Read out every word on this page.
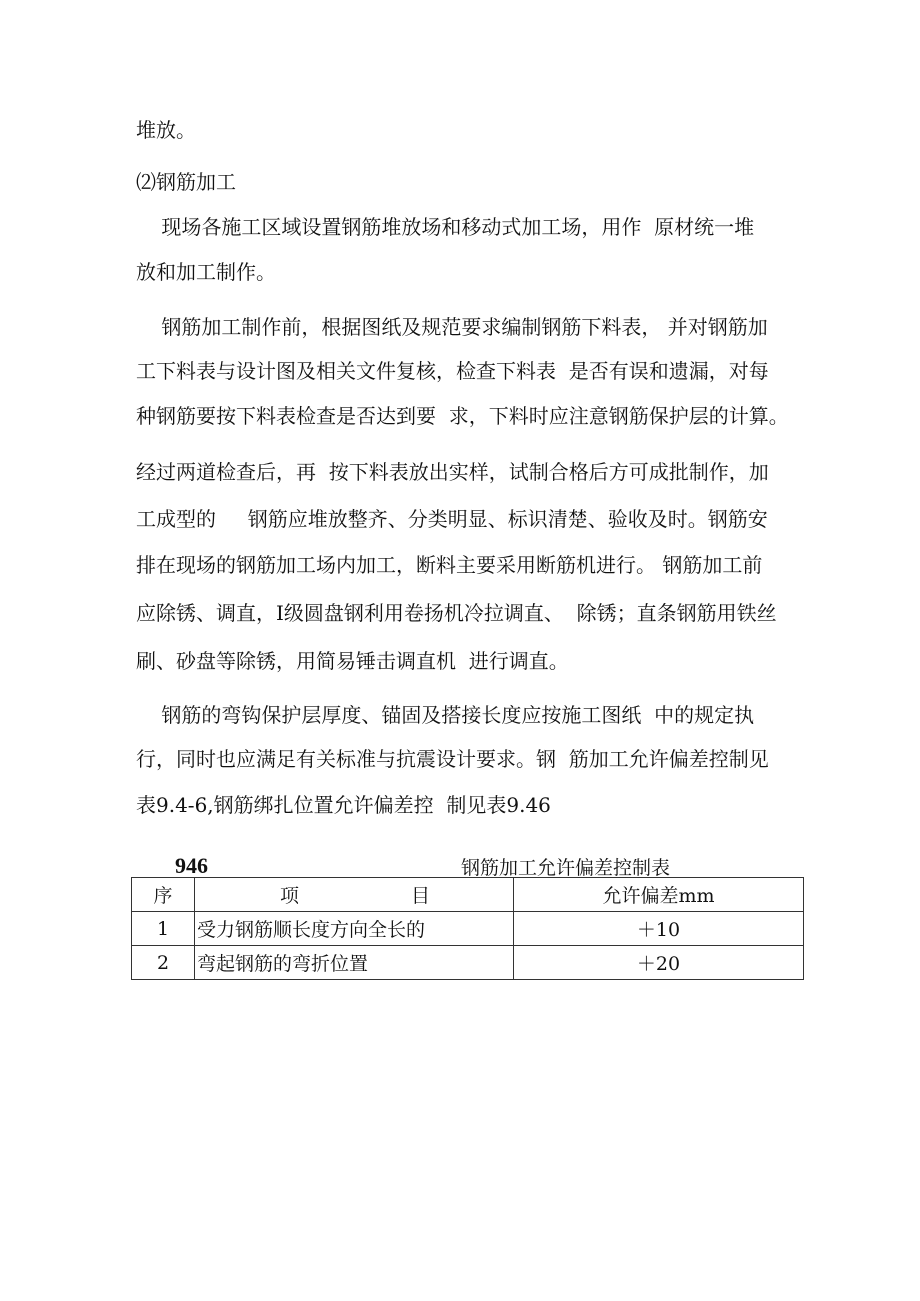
堆放。

⑵钢筋加工

现场各施工区域设置钢筋堆放场和移动式加工场，用作  原材统一堆

放和加工制作。

钢筋加工制作前，根据图纸及规范要求编制钢筋下料表， 并对钢筋加

工下料表与设计图及相关文件复核，检查下料表  是否有误和遗漏，对每

种钢筋要按下料表检查是否达到要  求，下料时应注意钢筋保护层的计算。

经过两道检查后，再  按下料表放出实样，试制合格后方可成批制作，加

工成型的     钢筋应堆放整齐、分类明显、标识清楚、验收及时。钢筋安

排在现场的钢筋加工场内加工，断料主要采用断筋机进行。 钢筋加工前

应除锈、调直，I级圆盘钢利用卷扬机冷拉调直、  除锈；直条钢筋用铁丝

刷、砂盘等除锈，用简易锤击调直机  进行调直。

钢筋的弯钩保护层厚度、锚固及搭接长度应按施工图纸  中的规定执

行，同时也应满足有关标准与抗震设计要求。钢  筋加工允许偏差控制见

表9.4-6,钢筋绑扎位置允许偏差控  制见表9.46

946	钢筋加工允许偏差控制表
序	项 目	允许偏差mm
1	受力钢筋顺长度方向全长的	＋10
2	弯起钢筋的弯折位置	＋20
